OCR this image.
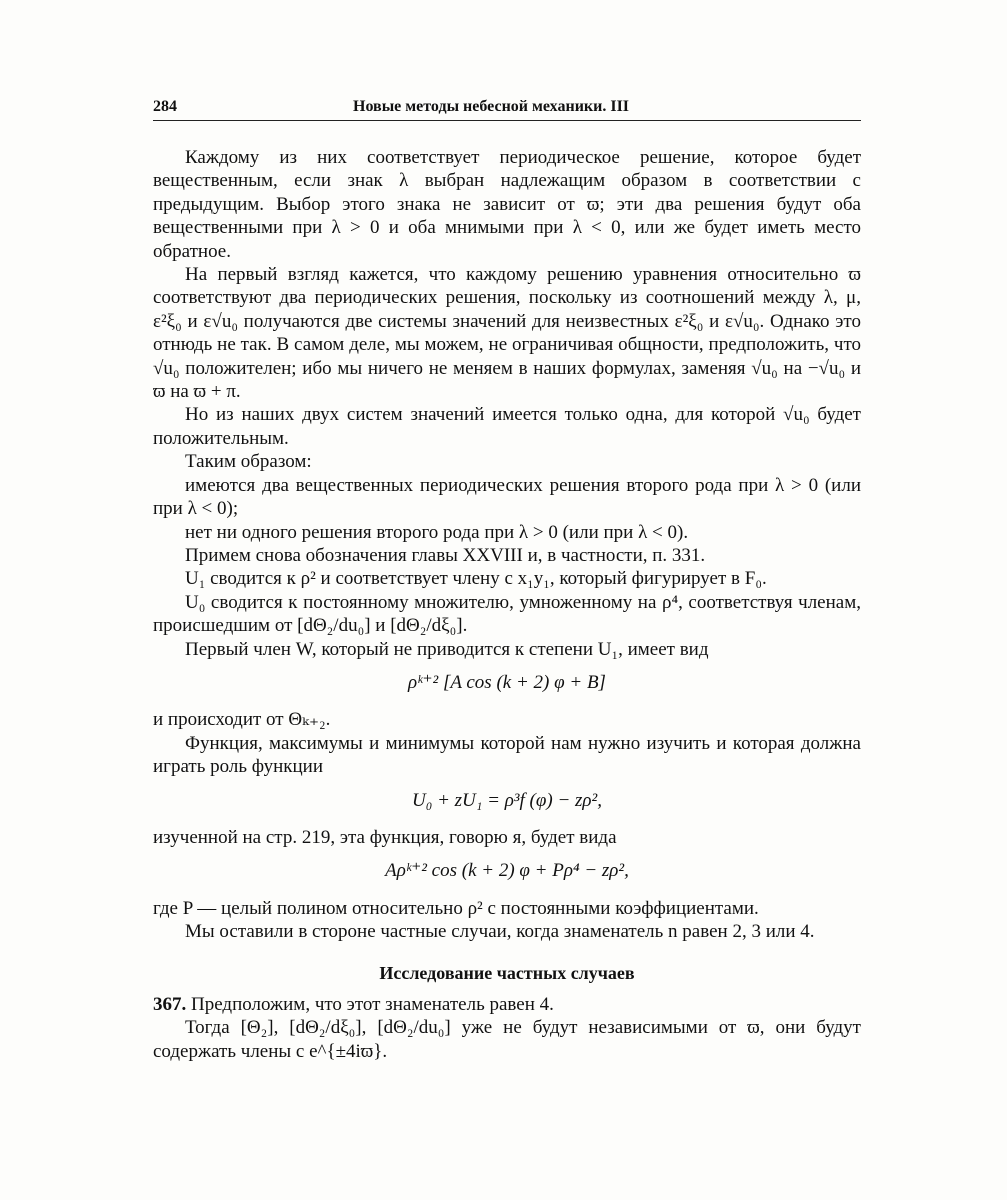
284	Новые методы небесной механики. III

Каждому из них соответствует периодическое решение, которое будет вещественным, если знак λ выбран надлежащим образом в соответствии с предыдущим. Выбор этого знака не зависит от ϖ; эти два решения будут оба вещественными при λ > 0 и оба мнимыми при λ < 0, или же будет иметь место обратное.

На первый взгляд кажется, что каждому решению уравнения относительно ϖ соответствуют два периодических решения, поскольку из соотношений между λ, μ, ε²ξ₀ и ε√u₀ получаются две системы значений для неизвестных ε²ξ₀ и ε√u₀. Однако это отнюдь не так. В самом деле, мы можем, не ограничивая общности, предположить, что √u₀ положителен; ибо мы ничего не меняем в наших формулах, заменяя √u₀ на −√u₀ и ϖ на ϖ + π.

Но из наших двух систем значений имеется только одна, для которой √u₀ будет положительным.

Таким образом:

имеются два вещественных периодических решения второго рода при λ > 0 (или при λ < 0);

нет ни одного решения второго рода при λ > 0 (или при λ < 0).

Примем снова обозначения главы XXVIII и, в частности, п. 331.

U₁ сводится к ρ² и соответствует члену с x₁y₁, который фигурирует в F₀.

U₀ сводится к постоянному множителю, умноженному на ρ⁴, соответствуя членам, происшедшим от [dΘ₂/du₀] и [dΘ₂/dξ₀].

Первый член W, который не приводится к степени U₁, имеет вид

ρᵏ⁺² [A cos (k + 2) φ + B]

и происходит от Θₖ₊₂.

Функция, максимумы и минимумы которой нам нужно изучить и которая должна играть роль функции

U₀ + zU₁ = ρ³f (φ) − zρ²,

изученной на стр. 219, эта функция, говорю я, будет вида

Aρᵏ⁺² cos (k + 2) φ + Pρ⁴ − zρ²,

где P — целый полином относительно ρ² с постоянными коэффициентами.

Мы оставили в стороне частные случаи, когда знаменатель n равен 2, 3 или 4.

Исследование частных случаев

367. Предположим, что этот знаменатель равен 4.

Тогда [Θ₂], [dΘ₂/dξ₀], [dΘ₂/du₀] уже не будут независимыми от ϖ, они будут содержать члены с e^{±4iϖ}.
